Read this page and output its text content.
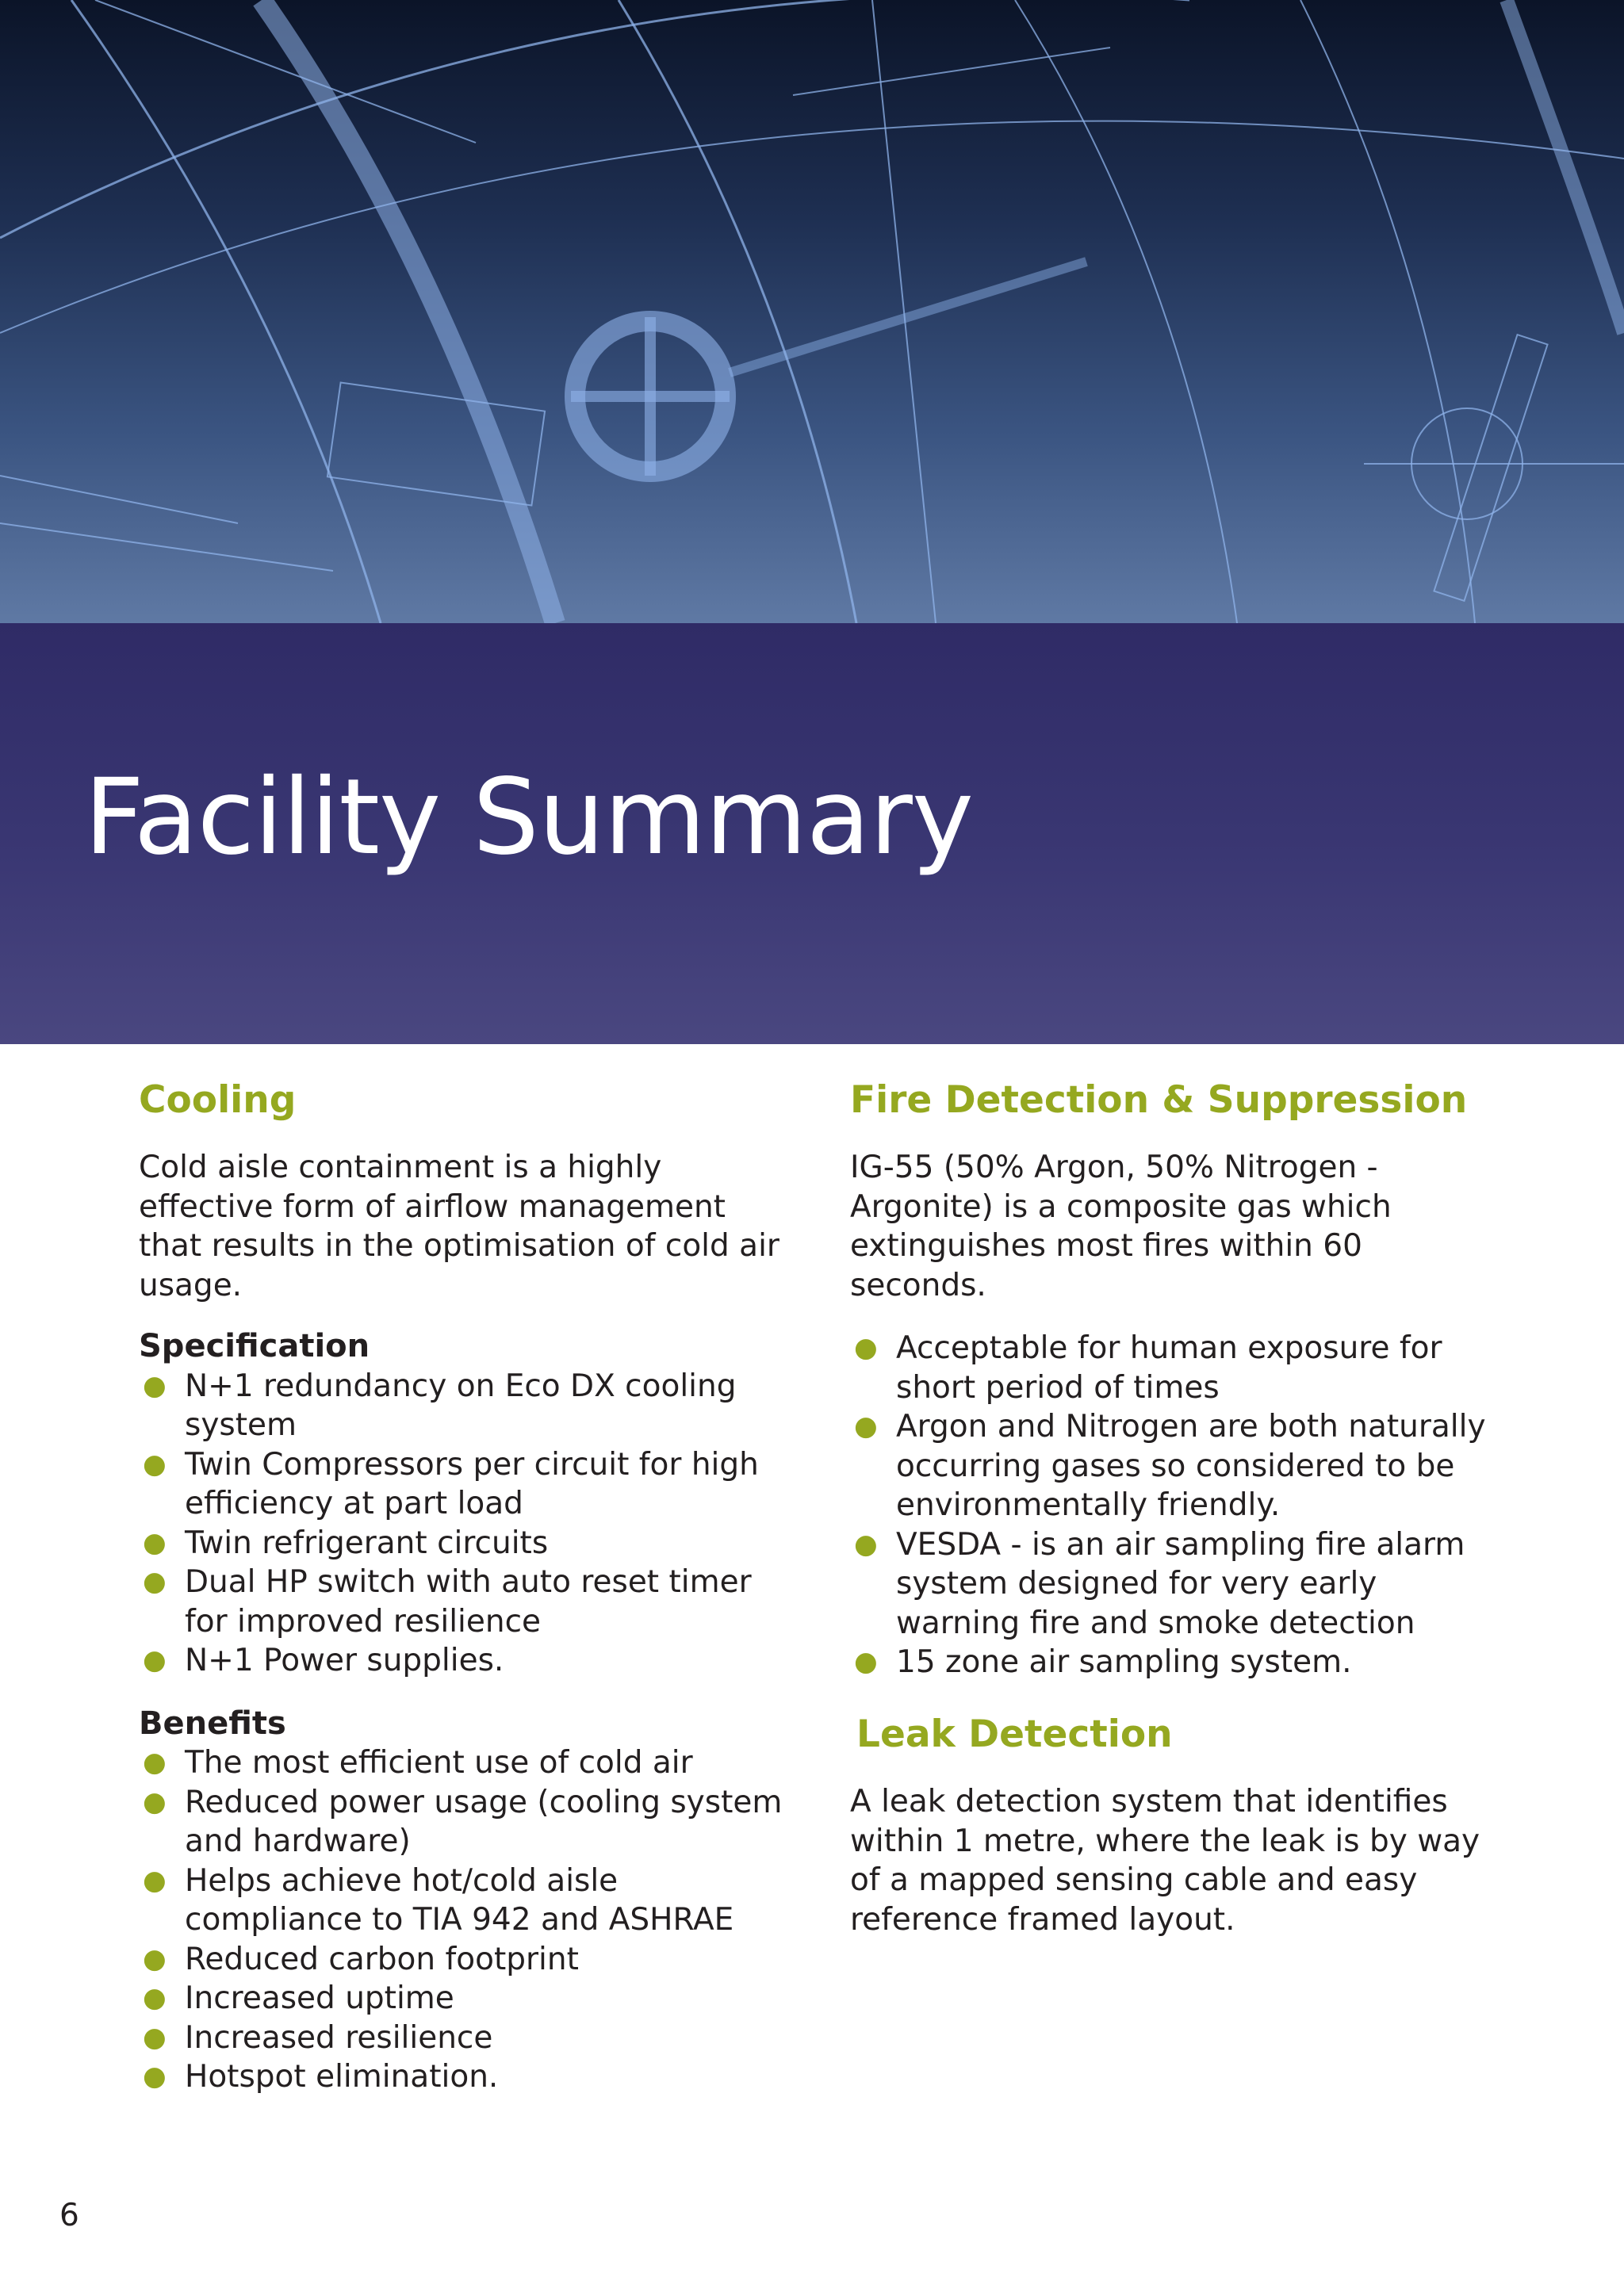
Facility Summary
Cooling

Cold aisle containment is a highly effective form of airflow management that results in the optimisation of cold air usage.

Specification
● N+1 redundancy on Eco DX cooling system
● Twin Compressors per circuit for high efficiency at part load
● Twin refrigerant circuits
● Dual HP switch with auto reset timer for improved resilience
● N+1 Power supplies.
Benefits
● The most efficient use of cold air
● Reduced power usage (cooling system and hardware)
● Helps achieve hot/cold aisle compliance to TIA 942 and ASHRAE
● Reduced carbon footprint
● Increased uptime
● Increased resilience
● Hotspot elimination.
Fire Detection & Suppression

IG-55 (50% Argon, 50% Nitrogen - Argonite) is a composite gas which extinguishes most fires within 60 seconds.

● Acceptable for human exposure for short period of times
● Argon and Nitrogen are both naturally occurring gases so considered to be environmentally friendly.
● VESDA - is an air sampling fire alarm system designed for very early warning fire and smoke detection
● 15 zone air sampling system.
Leak Detection

A leak detection system that identifies within 1 metre, where the leak is by way of a mapped sensing cable and easy reference framed layout.

6
